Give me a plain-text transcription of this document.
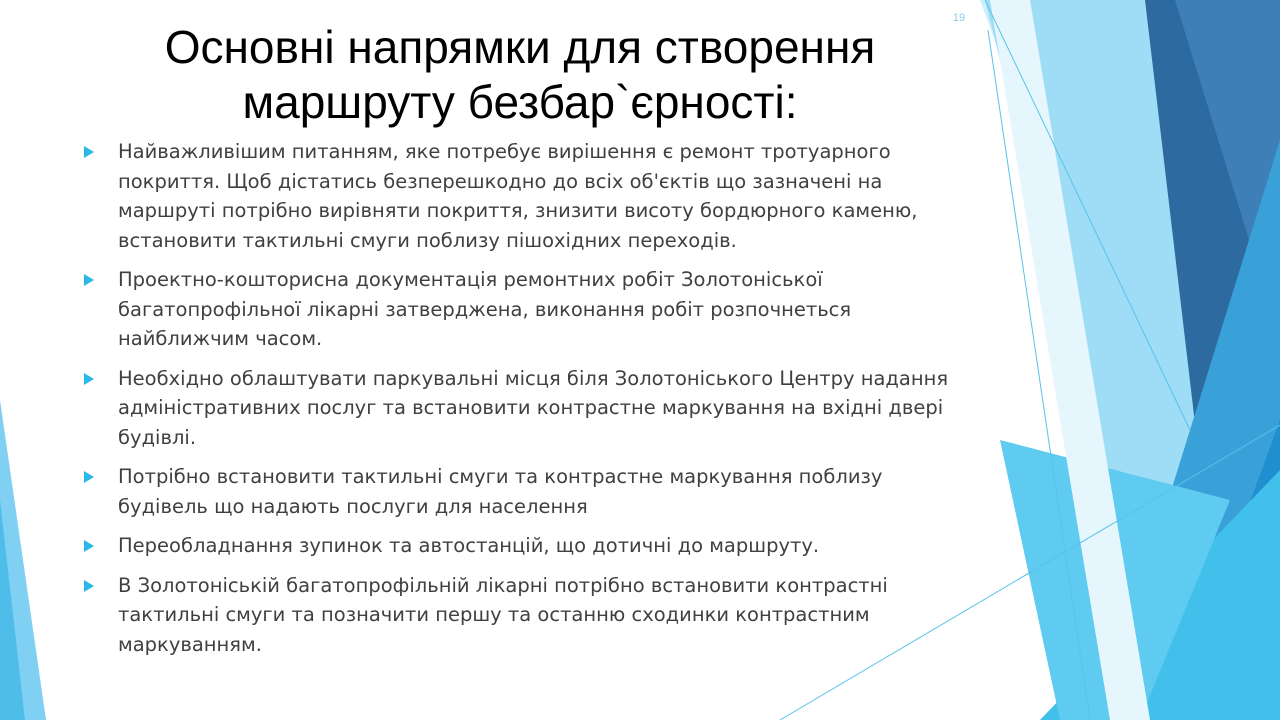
19
Основні напрямки для створення маршруту безбар`єрності:
Найважливішим питанням, яке потребує вирішення є ремонт тротуарного покриття. Щоб дістатись безперешкодно до всіх об'єктів що зазначені на маршруті потрібно вирівняти покриття, знизити висоту бордюрного каменю, встановити тактильні смуги поблизу пішохідних переходів.
Проектно-кошторисна документація ремонтних робіт Золотоніської багатопрофільної лікарні затверджена, виконання робіт розпочнеться найближчим часом.
Необхідно облаштувати паркувальні місця біля Золотоніського Центру надання адміністративних послуг та встановити контрастне маркування на вхідні двері будівлі.
Потрібно встановити тактильні смуги та контрастне маркування поблизу будівель що надають послуги для населення
Переобладнання зупинок та автостанцій, що дотичні до маршруту.
В Золотоніській багатопрофільній лікарні потрібно встановити контрастні тактильні смуги та позначити першу та останню сходинки контрастним маркуванням.
